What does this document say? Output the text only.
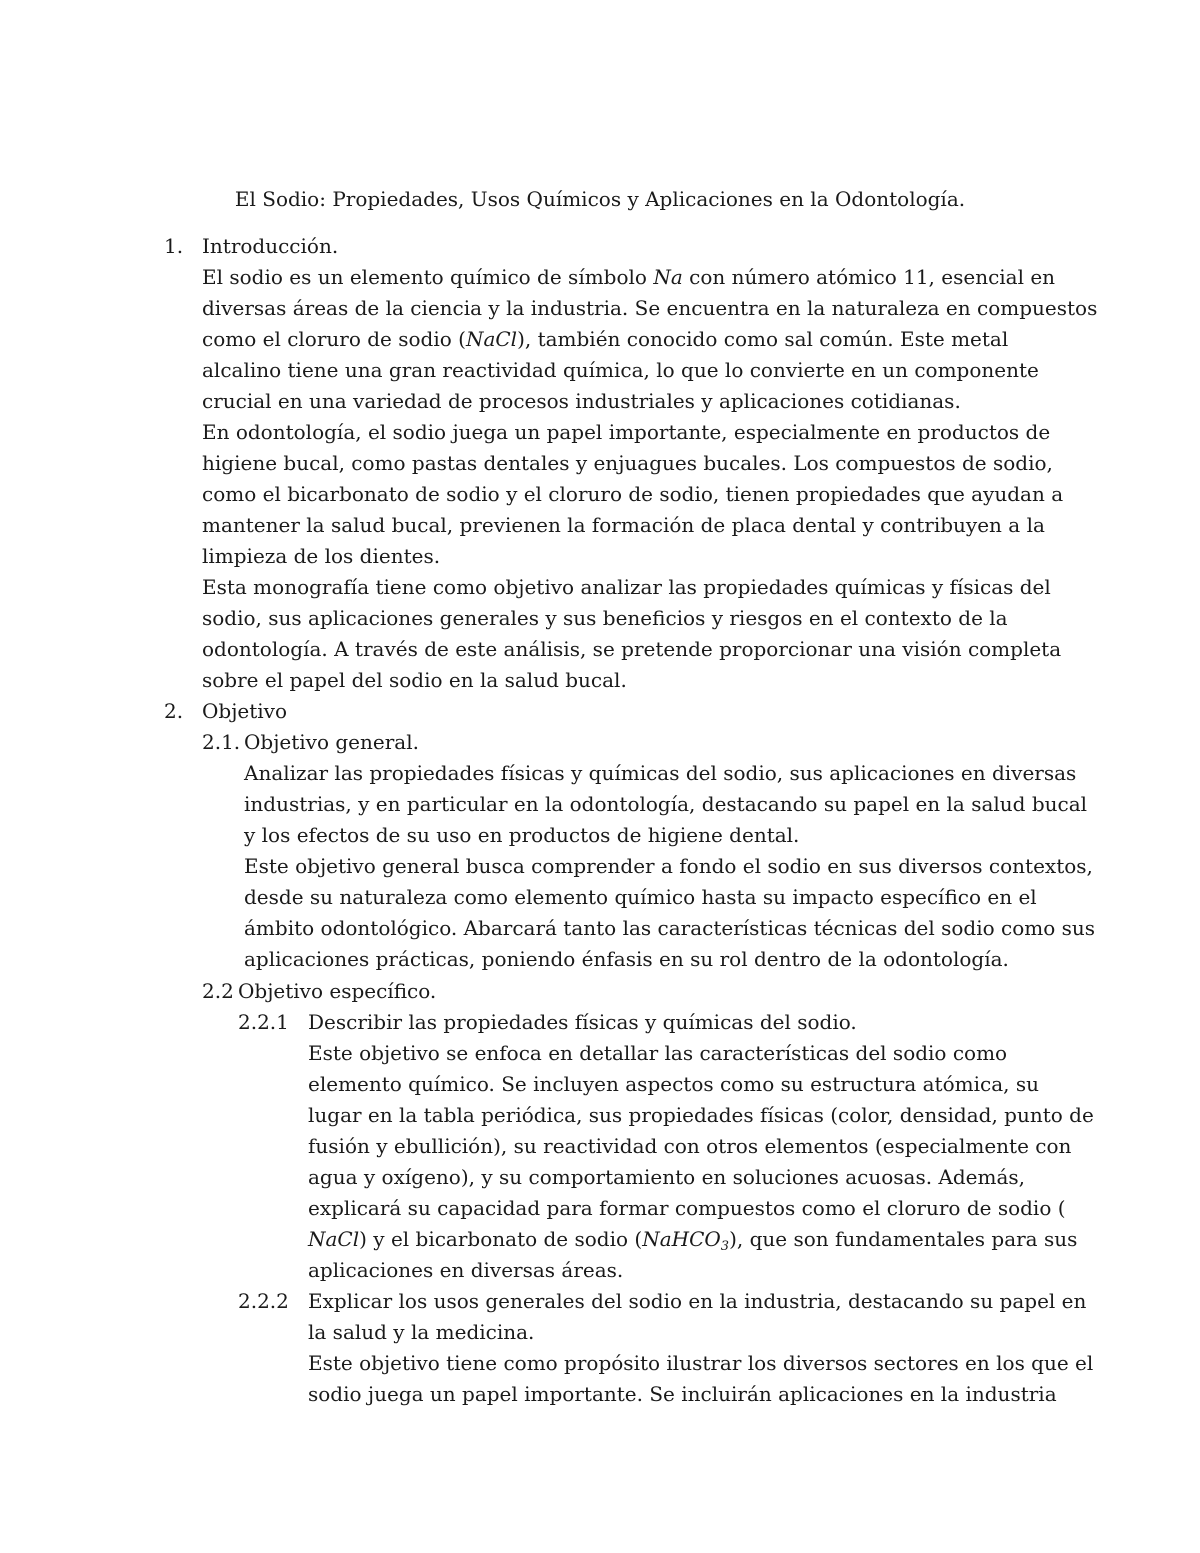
El Sodio: Propiedades, Usos Químicos y Aplicaciones en la Odontología.
1. Introducción.
El sodio es un elemento químico de símbolo Na con número atómico 11, esencial en
diversas áreas de la ciencia y la industria. Se encuentra en la naturaleza en compuestos
como el cloruro de sodio (NaCl), también conocido como sal común. Este metal
alcalino tiene una gran reactividad química, lo que lo convierte en un componente
crucial en una variedad de procesos industriales y aplicaciones cotidianas.
En odontología, el sodio juega un papel importante, especialmente en productos de
higiene bucal, como pastas dentales y enjuagues bucales. Los compuestos de sodio,
como el bicarbonato de sodio y el cloruro de sodio, tienen propiedades que ayudan a
mantener la salud bucal, previenen la formación de placa dental y contribuyen a la
limpieza de los dientes.
Esta monografía tiene como objetivo analizar las propiedades químicas y físicas del
sodio, sus aplicaciones generales y sus beneficios y riesgos en el contexto de la
odontología. A través de este análisis, se pretende proporcionar una visión completa
sobre el papel del sodio en la salud bucal.
2. Objetivo
2.1. Objetivo general.
Analizar las propiedades físicas y químicas del sodio, sus aplicaciones en diversas
industrias, y en particular en la odontología, destacando su papel en la salud bucal
y los efectos de su uso en productos de higiene dental.
Este objetivo general busca comprender a fondo el sodio en sus diversos contextos,
desde su naturaleza como elemento químico hasta su impacto específico en el
ámbito odontológico. Abarcará tanto las características técnicas del sodio como sus
aplicaciones prácticas, poniendo énfasis en su rol dentro de la odontología.
2.2 Objetivo específico.
2.2.1 Describir las propiedades físicas y químicas del sodio.
Este objetivo se enfoca en detallar las características del sodio como
elemento químico. Se incluyen aspectos como su estructura atómica, su
lugar en la tabla periódica, sus propiedades físicas (color, densidad, punto de
fusión y ebullición), su reactividad con otros elementos (especialmente con
agua y oxígeno), y su comportamiento en soluciones acuosas. Además,
explicará su capacidad para formar compuestos como el cloruro de sodio (
NaCl) y el bicarbonato de sodio (NaHCO$_3$), que son fundamentales para sus
aplicaciones en diversas áreas.
2.2.2 Explicar los usos generales del sodio en la industria, destacando su papel en
la salud y la medicina.
Este objetivo tiene como propósito ilustrar los diversos sectores en los que el
sodio juega un papel importante. Se incluirán aplicaciones en la industria
